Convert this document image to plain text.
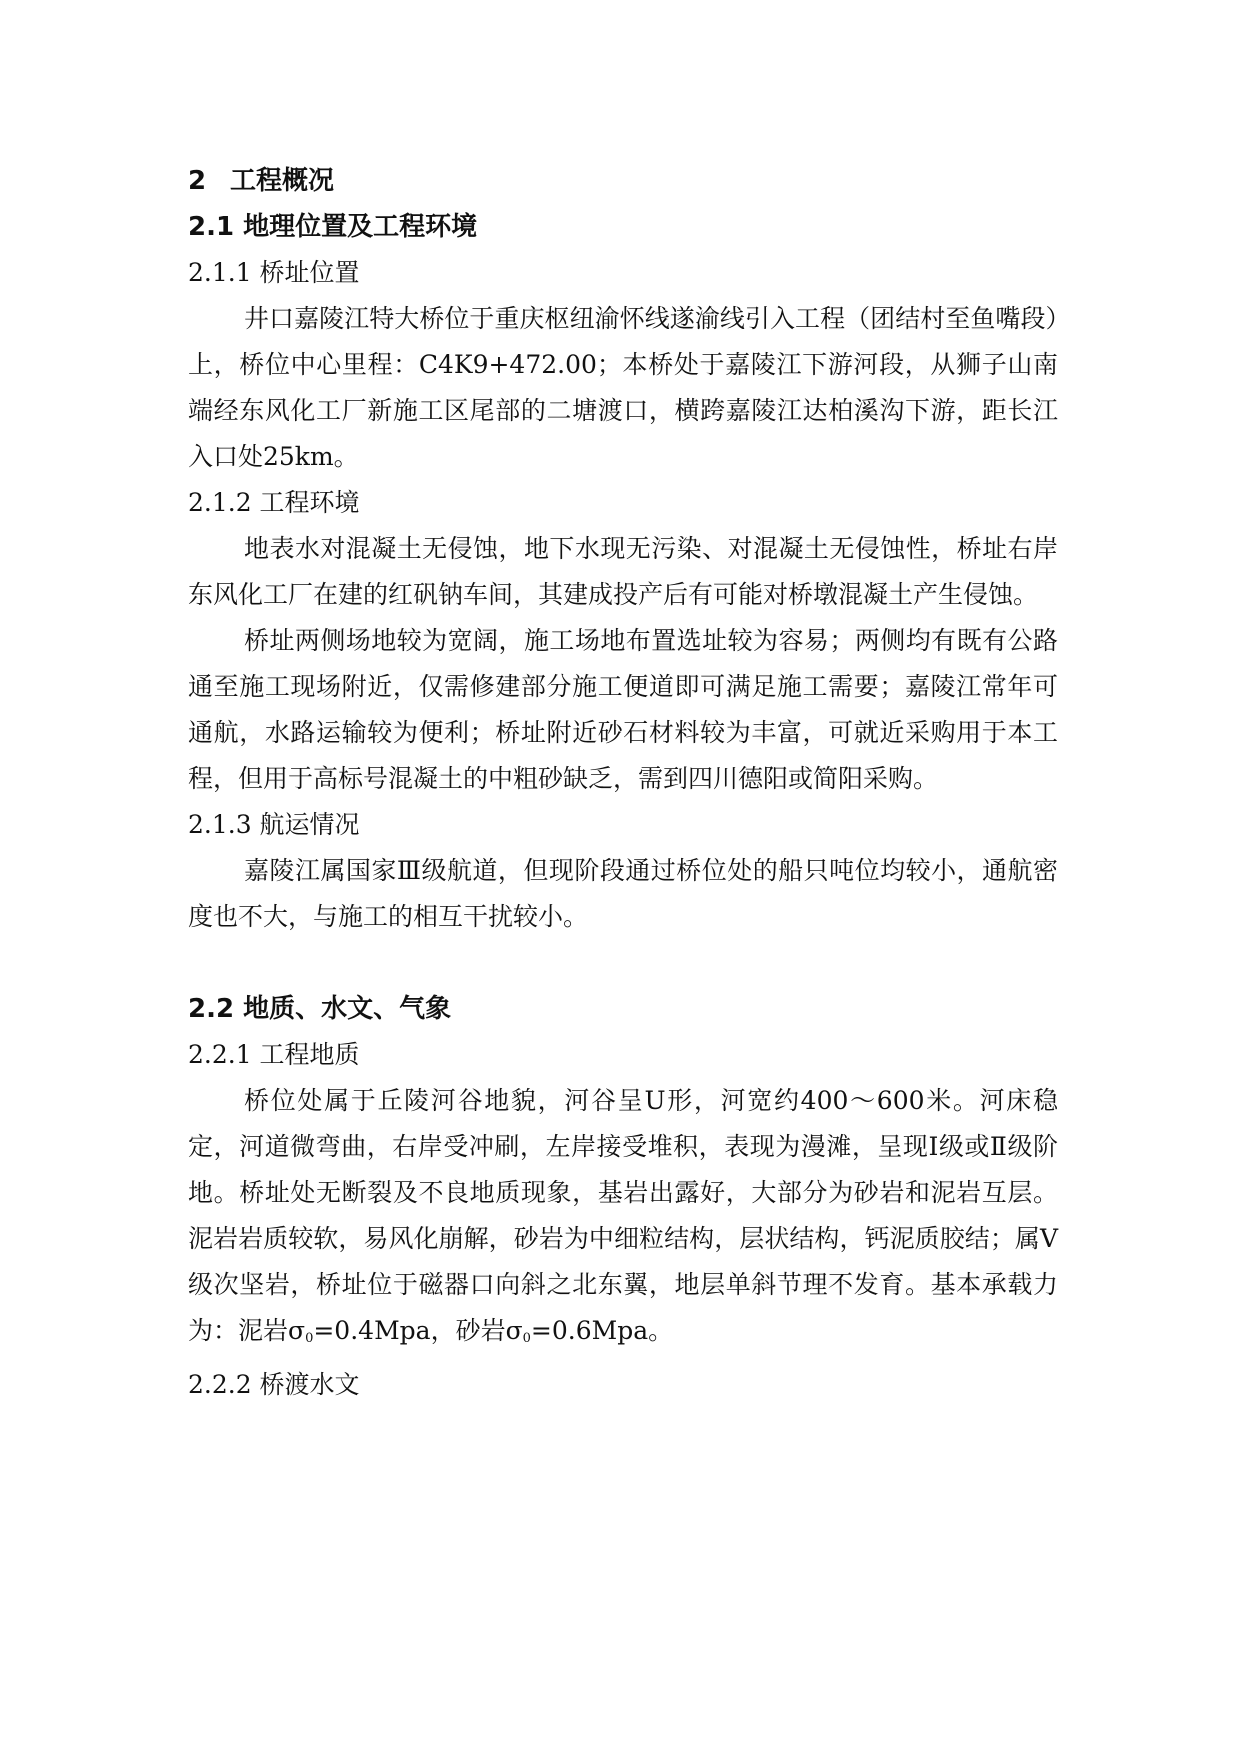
2 工程概况
2.1 地理位置及工程环境
2.1.1 桥址位置
井口嘉陵江特大桥位于重庆枢纽渝怀线遂渝线引入工程（团结村至鱼嘴段）上，桥位中心里程：C4K9+472.00；本桥处于嘉陵江下游河段，从狮子山南端经东风化工厂新施工区尾部的二塘渡口，横跨嘉陵江达柏溪沟下游，距长江入口处25km。
2.1.2 工程环境
地表水对混凝土无侵蚀，地下水现无污染、对混凝土无侵蚀性，桥址右岸东风化工厂在建的红矾钠车间，其建成投产后有可能对桥墩混凝土产生侵蚀。
桥址两侧场地较为宽阔，施工场地布置选址较为容易；两侧均有既有公路通至施工现场附近，仅需修建部分施工便道即可满足施工需要；嘉陵江常年可通航，水路运输较为便利；桥址附近砂石材料较为丰富，可就近采购用于本工程，但用于高标号混凝土的中粗砂缺乏，需到四川德阳或简阳采购。
2.1.3 航运情况
嘉陵江属国家Ⅲ级航道，但现阶段通过桥位处的船只吨位均较小，通航密度也不大，与施工的相互干扰较小。
2.2 地质、水文、气象
2.2.1 工程地质
桥位处属于丘陵河谷地貌，河谷呈U形，河宽约400～600米。河床稳定，河道微弯曲，右岸受冲刷，左岸接受堆积，表现为漫滩，呈现Ⅰ级或Ⅱ级阶地。桥址处无断裂及不良地质现象，基岩出露好，大部分为砂岩和泥岩互层。泥岩岩质较软，易风化崩解，砂岩为中细粒结构，层状结构，钙泥质胶结；属Ⅴ级次坚岩，桥址位于磁器口向斜之北东翼，地层单斜节理不发育。基本承载力为：泥岩$\sigma_0=0.4Mpa$，砂岩$\sigma_0=0.6Mpa$。
2.2.2 桥渡水文
